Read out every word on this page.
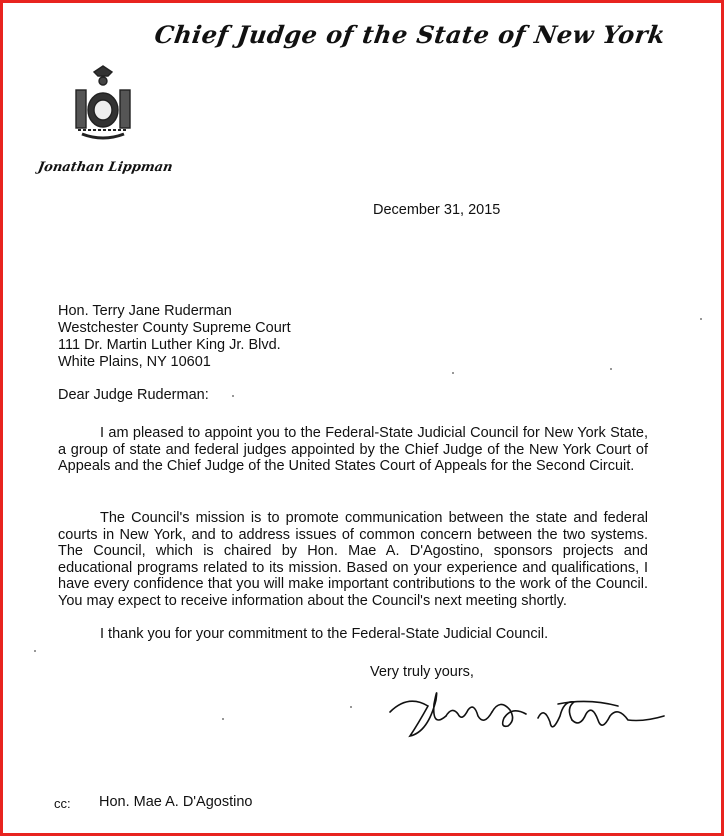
Chief Judge of the State of New York
Jonathan Lippman
December 31, 2015
Hon. Terry Jane Ruderman
Westchester County Supreme Court
111 Dr. Martin Luther King Jr. Blvd.
White Plains, NY 10601
Dear Judge Ruderman:

I am pleased to appoint you to the Federal-State Judicial Council for New York State, a group of state and federal judges appointed by the Chief Judge of the New York Court of Appeals and the Chief Judge of the United States Court of Appeals for the Second Circuit.

The Council's mission is to promote communication between the state and federal courts in New York, and to address issues of common concern between the two systems. The Council, which is chaired by Hon. Mae A. D'Agostino, sponsors projects and educational programs related to its mission. Based on your experience and qualifications, I have every confidence that you will make important contributions to the work of the Council. You may expect to receive information about the Council's next meeting shortly.

I thank you for your commitment to the Federal-State Judicial Council.

Very truly yours,
cc: Hon. Mae A. D'Agostino
